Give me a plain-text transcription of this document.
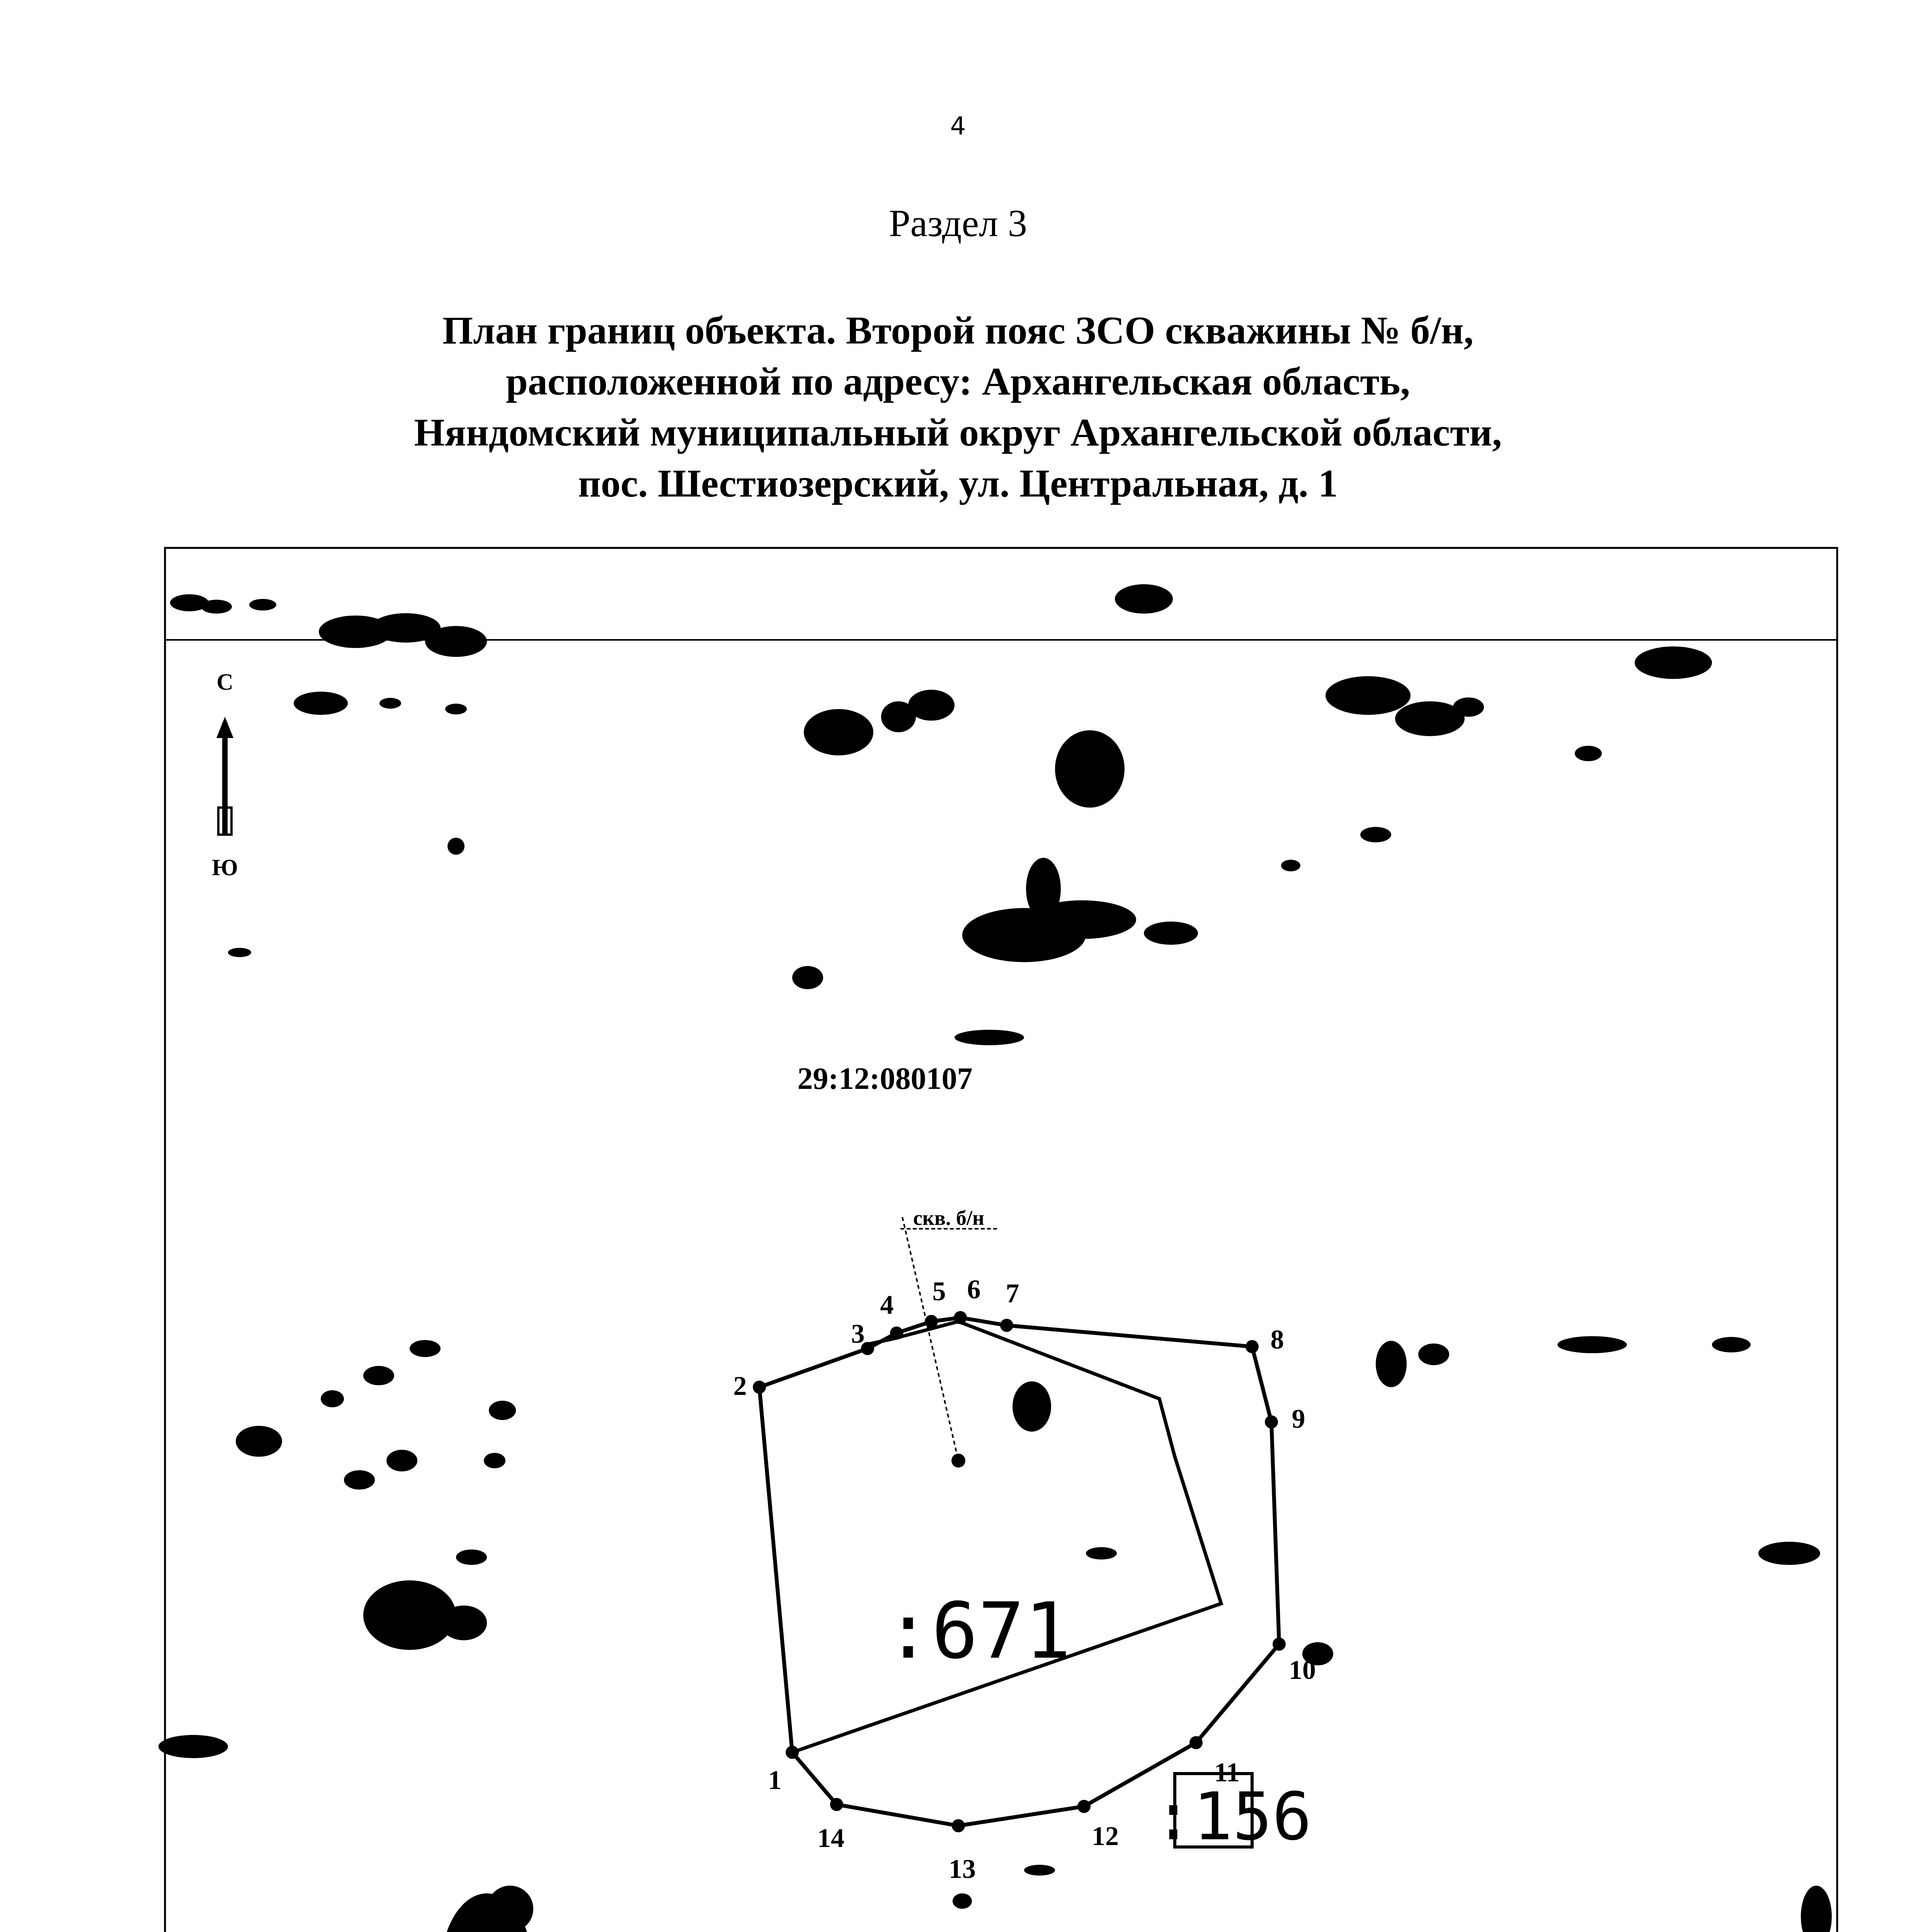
4
Раздел 3
План границ объекта. Второй пояс ЗСО скважины № б/н,
расположенной по адресу: Архангельская область,
Няндомский муниципальный округ Архангельской области,
пос. Шестиозерский, ул. Центральная, д. 1
С
Ю
29:12:080107
:671
:156
скв. б/н
1
2
3
4 5 6 7
8
9
10
11
12
13
14
